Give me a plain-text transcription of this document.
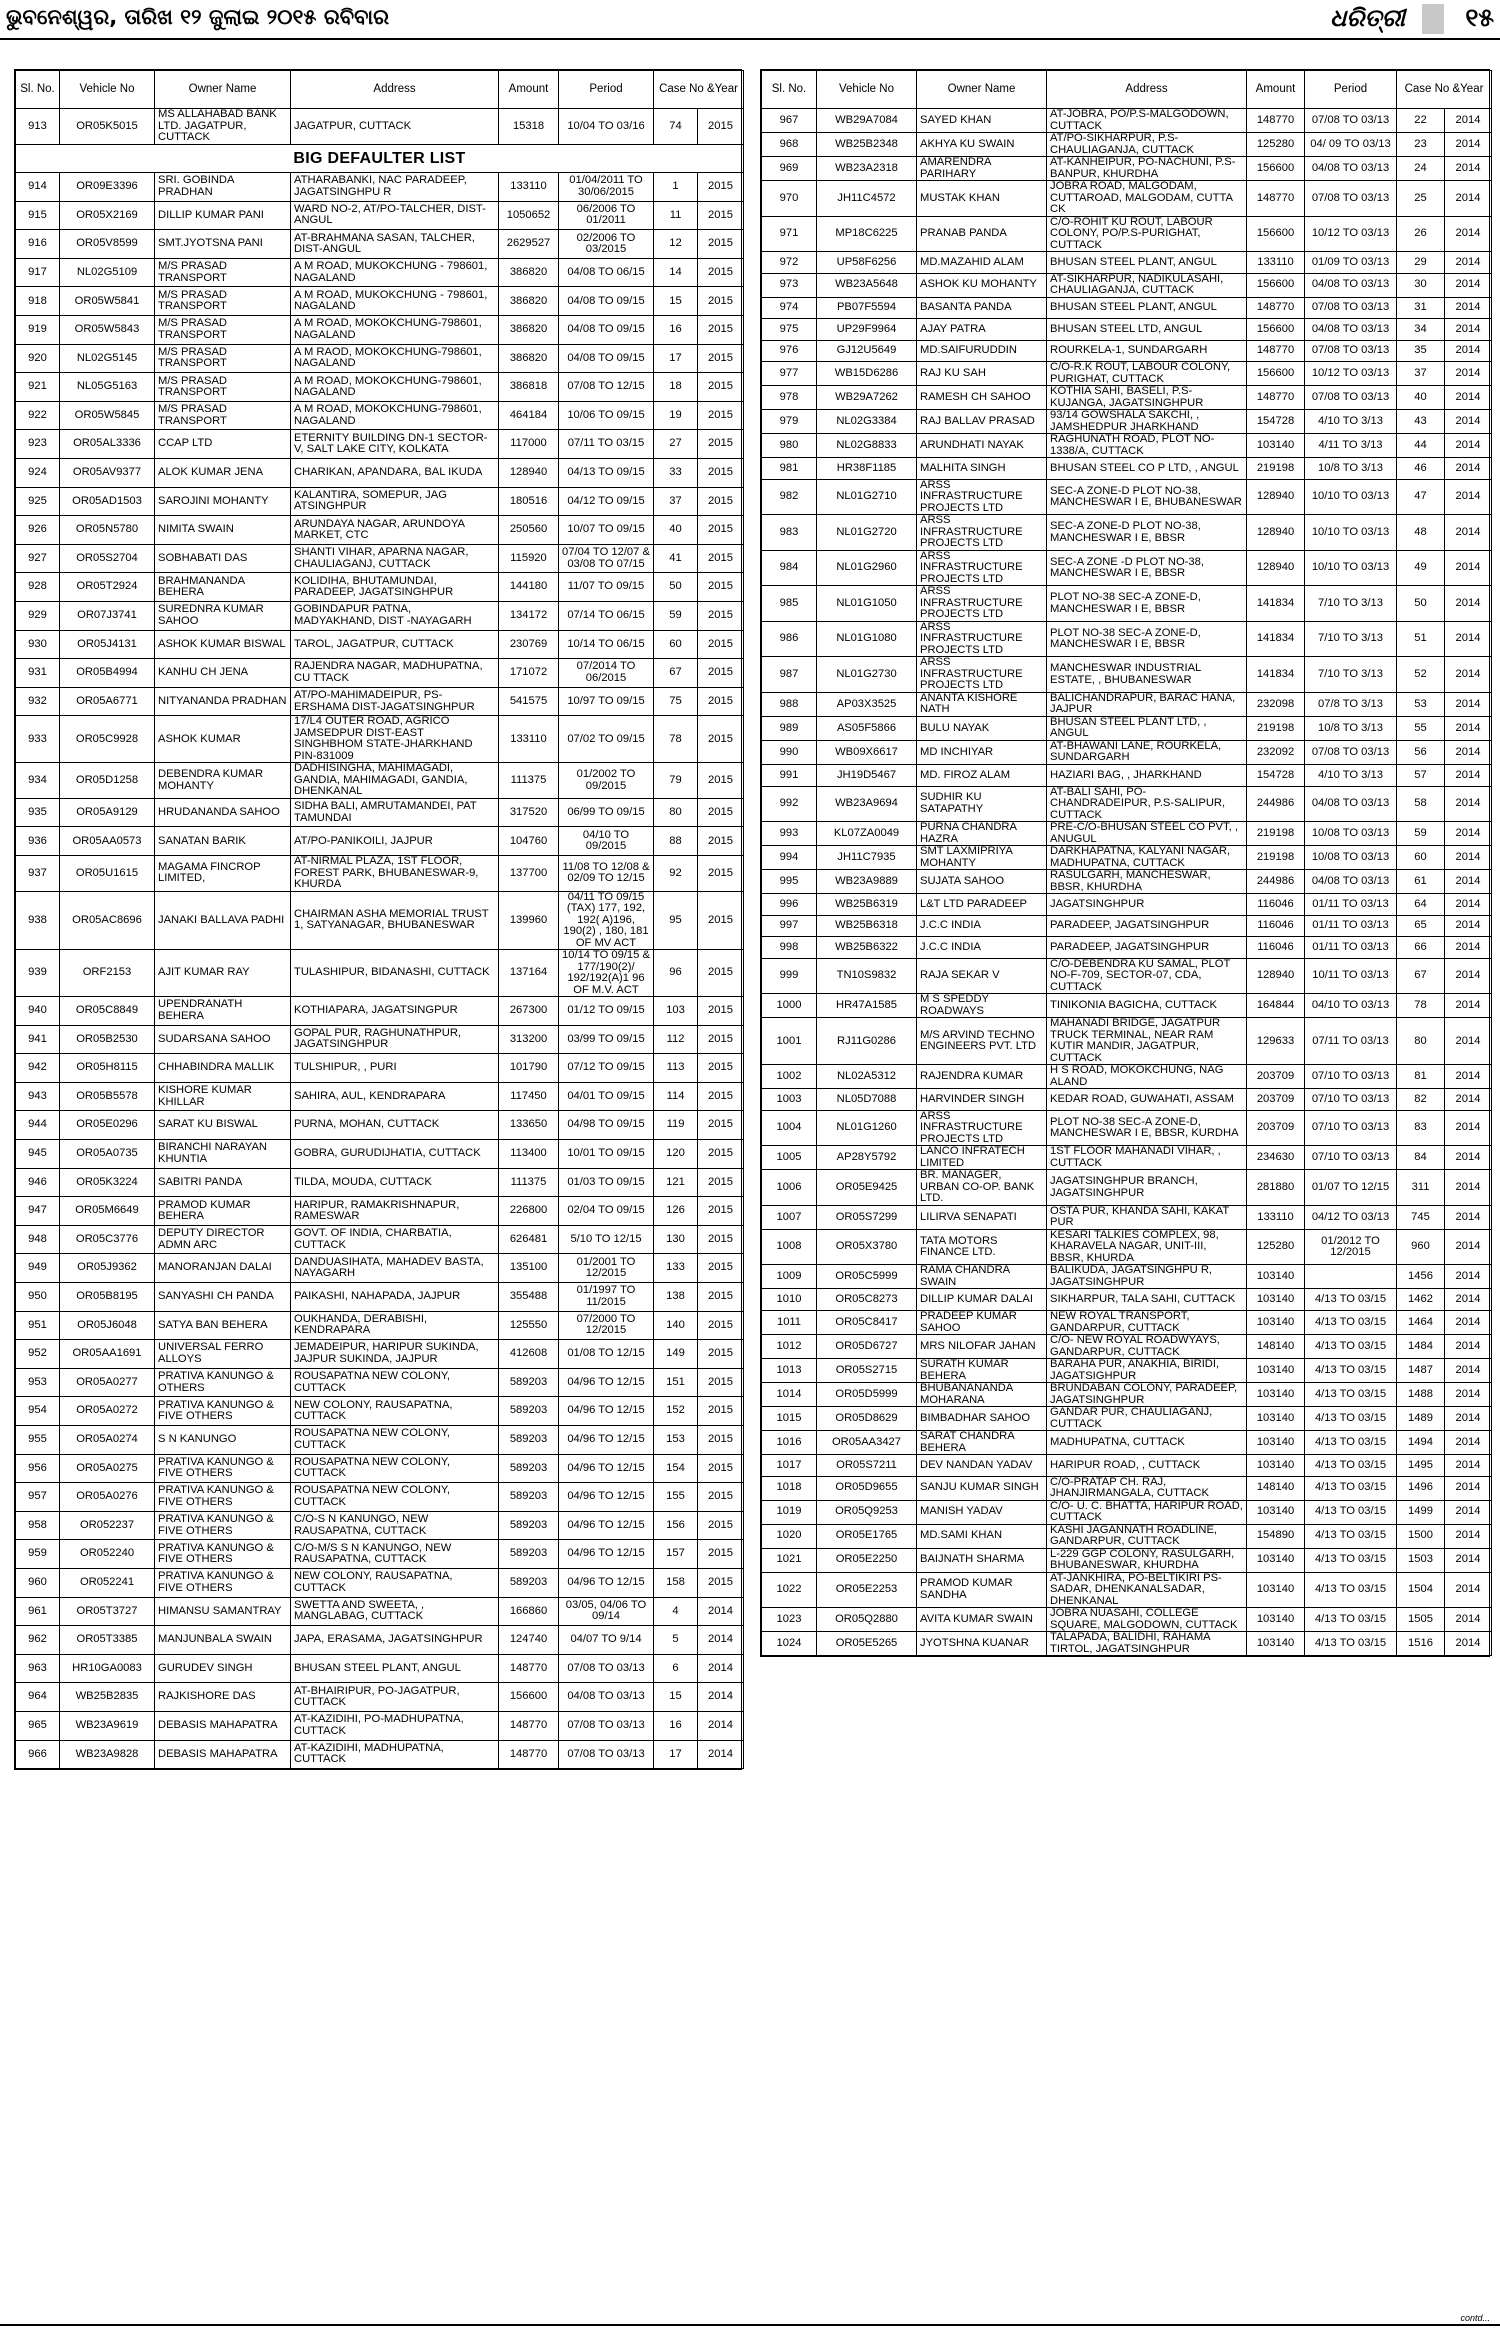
ଭୁବନେଶ୍ୱର, ତାରିଖ ୧୨ ଜୁଲାଇ ୨୦୧୫ ରବିବାର	ଧରିତ୍ରୀ ୧୫
Sl. No.	Vehicle No	Owner Name	Address	Amount	Period	Case No &Year	
913	OR05K5015	MS ALLAHABAD BANK LTD. JAGATPUR, CUTTACK	JAGATPUR, CUTTACK	15318	10/04 TO 03/16	74	2015
BIG DEFAULTER LIST							
914	OR09E3396	SRI. GOBINDA PRADHAN	ATHARABANKI, NAC PARADEEP, JAGATSINGHPU R	133110	01/04/2011 TO 30/06/2015	1	2015
915	OR05X2169	DILLIP KUMAR PANI	WARD NO-2, AT/PO-TALCHER, DIST-ANGUL	1050652	06/2006 TO 01/2011	11	2015
916	OR05V8599	SMT.JYOTSNA PANI	AT-BRAHMANA SASAN, TALCHER, DIST-ANGUL	2629527	02/2006 TO 03/2015	12	2015
917	NL02G5109	M/S PRASAD TRANSPORT	A M ROAD, MUKOKCHUNG - 798601, NAGALAND	386820	04/08 TO 06/15	14	2015
918	OR05W5841	M/S PRASAD TRANSPORT	A M ROAD, MUKOKCHUNG - 798601, NAGALAND	386820	04/08 TO 09/15	15	2015
919	OR05W5843	M/S PRASAD TRANSPORT	A M ROAD, MOKOKCHUNG-798601, NAGALAND	386820	04/08 TO 09/15	16	2015
920	NL02G5145	M/S PRASAD TRANSPORT	A M RAOD, MOKOKCHUNG-798601, NAGALAND	386820	04/08 TO 09/15	17	2015
921	NL05G5163	M/S PRASAD TRANSPORT	A M ROAD, MOKOKCHUNG-798601, NAGALAND	386818	07/08 TO 12/15	18	2015
922	OR05W5845	M/S PRASAD TRANSPORT	A M ROAD, MOKOKCHUNG-798601, NAGALAND	464184	10/06 TO 09/15	19	2015
923	OR05AL3336	CCAP LTD	ETERNITY BUILDING DN-1 SECTOR-V, SALT LAKE CITY, KOLKATA	117000	07/11 TO 03/15	27	2015
924	OR05AV9377	ALOK KUMAR JENA	CHARIKAN, APANDARA, BAL IKUDA	128940	04/13 TO 09/15	33	2015
925	OR05AD1503	SAROJINI MOHANTY	KALANTIRA, SOMEPUR, JAG ATSINGHPUR	180516	04/12 TO 09/15	37	2015
926	OR05N5780	NIMITA SWAIN	ARUNDAYA NAGAR, ARUNDOYA MARKET, CTC	250560	10/07 TO 09/15	40	2015
927	OR05S2704	SOBHABATI DAS	SHANTI VIHAR, APARNA NAGAR, CHAULIAGANJ, CUTTACK	115920	07/04 TO 12/07 & 03/08 TO 07/15	41	2015
928	OR05T2924	BRAHMANANDA BEHERA	KOLIDIHA, BHUTAMUNDAI, PARADEEP, JAGATSINGHPUR	144180	11/07 TO 09/15	50	2015
929	OR07J3741	SUREDNRA KUMAR SAHOO	GOBINDAPUR PATNA, MADYAKHAND, DIST -NAYAGARH	134172	07/14 TO 06/15	59	2015
930	OR05J4131	ASHOK KUMAR BISWAL	TAROL, JAGATPUR, CUTTACK	230769	10/14 TO 06/15	60	2015
931	OR05B4994	KANHU CH JENA	RAJENDRA NAGAR, MADHUPATNA, CU TTACK	171072	07/2014 TO 06/2015	67	2015
932	OR05A6771	NITYANANDA PRADHAN	AT/PO-MAHIMADEIPUR, PS-ERSHAMA DIST-JAGATSINGHPUR	541575	10/97 TO 09/15	75	2015
933	OR05C9928	ASHOK KUMAR	17/L4 OUTER ROAD, AGRICO JAMSEDPUR DIST-EAST SINGHBHOM STATE-JHARKHAND PIN-831009	133110	07/02 TO 09/15	78	2015
934	OR05D1258	DEBENDRA KUMAR MOHANTY	DADHISINGHA, MAHIMAGADI, GANDIA, MAHIMAGADI, GANDIA, DHENKANAL	111375	01/2002 TO 09/2015	79	2015
935	OR05A9129	HRUDANANDA SAHOO	SIDHA BALI, AMRUTAMANDEI, PAT TAMUNDAI	317520	06/99 TO 09/15	80	2015
936	OR05AA0573	SANATAN BARIK	AT/PO-PANIKOILI, JAJPUR	104760	04/10 TO 09/2015	88	2015
937	OR05U1615	MAGAMA FINCROP LIMITED,	AT-NIRMAL PLAZA, 1ST FLOOR, FOREST PARK, BHUBANESWAR-9, KHURDA	137700	11/08 TO 12/08 & 02/09 TO 12/15	92	2015
938	OR05AC8696	JANAKI BALLAVA PADHI	CHAIRMAN ASHA MEMORIAL TRUST 1, SATYANAGAR, BHUBANESWAR	139960	04/11 TO 09/15 (TAX) 177, 192, 192( A)196, 190(2) , 180, 181 OF MV ACT	95	2015
939	ORF2153	AJIT KUMAR RAY	TULASHIPUR, BIDANASHI, CUTTACK	137164	10/14 TO 09/15 & 177/190(2)/ 192/192(A)1 96 OF M.V. ACT	96	2015
940	OR05C8849	UPENDRANATH BEHERA	KOTHIAPARA, JAGATSINGPUR	267300	01/12 TO 09/15	103	2015
941	OR05B2530	SUDARSANA SAHOO	GOPAL PUR, RAGHUNATHPUR, JAGATSINGHPUR	313200	03/99 TO 09/15	112	2015
942	OR05H8115	CHHABINDRA MALLIK	TULSHIPUR, , PURI	101790	07/12 TO 09/15	113	2015
943	OR05B5578	KISHORE KUMAR KHILLAR	SAHIRA, AUL, KENDRAPARA	117450	04/01 TO 09/15	114	2015
944	OR05E0296	SARAT KU BISWAL	PURNA, MOHAN, CUTTACK	133650	04/98 TO 09/15	119	2015
945	OR05A0735	BIRANCHI NARAYAN KHUNTIA	GOBRA, GURUDIJHATIA, CUTTACK	113400	10/01 TO 09/15	120	2015
946	OR05K3224	SABITRI PANDA	TILDA, MOUDA, CUTTACK	111375	01/03 TO 09/15	121	2015
947	OR05M6649	PRAMOD KUMAR BEHERA	HARIPUR, RAMAKRISHNAPUR, RAMESWAR	226800	02/04 TO 09/15	126	2015
948	OR05C3776	DEPUTY DIRECTOR ADMN ARC	GOVT. OF INDIA, CHARBATIA, CUTTACK	626481	5/10 TO 12/15	130	2015
949	OR05J9362	MANORANJAN DALAI	DANDUASIHATA, MAHADEV BASTA, NAYAGARH	135100	01/2001 TO 12/2015	133	2015
950	OR05B8195	SANYASHI CH PANDA	PAIKASHI, NAHAPADA, JAJPUR	355488	01/1997 TO 11/2015	138	2015
951	OR05J6048	SATYA BAN BEHERA	OUKHANDA, DERABISHI, KENDRAPARA	125550	07/2000 TO 12/2015	140	2015
952	OR05AA1691	UNIVERSAL FERRO ALLOYS	JEMADEIPUR, HARIPUR SUKINDA, JAJPUR SUKINDA, JAJPUR	412608	01/08 TO 12/15	149	2015
953	OR05A0277	PRATIVA KANUNGO & OTHERS	ROUSAPATNA NEW COLONY, CUTTACK	589203	04/96 TO 12/15	151	2015
954	OR05A0272	PRATIVA KANUNGO & FIVE OTHERS	NEW COLONY, RAUSAPATNA, CUTTACK	589203	04/96 TO 12/15	152	2015
955	OR05A0274	S N KANUNGO	ROUSAPATNA NEW COLONY, CUTTACK	589203	04/96 TO 12/15	153	2015
956	OR05A0275	PRATIVA KANUNGO & FIVE OTHERS	ROUSAPATNA NEW COLONY, CUTTACK	589203	04/96 TO 12/15	154	2015
957	OR05A0276	PRATIVA KANUNGO & FIVE OTHERS	ROUSAPATNA NEW COLONY, CUTTACK	589203	04/96 TO 12/15	155	2015
958	OR052237	PRATIVA KANUNGO & FIVE OTHERS	C/O-S N KANUNGO, NEW RAUSAPATNA, CUTTACK	589203	04/96 TO 12/15	156	2015
959	OR052240	PRATIVA KANUNGO & FIVE OTHERS	C/O-M/S S N KANUNGO, NEW RAUSAPATNA, CUTTACK	589203	04/96 TO 12/15	157	2015
960	OR052241	PRATIVA KANUNGO & FIVE OTHERS	NEW COLONY, RAUSAPATNA, CUTTACK	589203	04/96 TO 12/15	158	2015
961	OR05T3727	HIMANSU SAMANTRAY	SWETTA AND SWEETA, , MANGLABAG, CUTTACK	166860	03/05, 04/06 TO 09/14	4	2014
962	OR05T3385	MANJUNBALA SWAIN	JAPA, ERASAMA, JAGATSINGHPUR	124740	04/07 TO 9/14	5	2014
963	HR10GA0083	GURUDEV SINGH	BHUSAN STEEL PLANT, ANGUL	148770	07/08 TO 03/13	6	2014
964	WB25B2835	RAJKISHORE DAS	AT-BHAIRIPUR, PO-JAGATPUR, CUTTACK	156600	04/08 TO 03/13	15	2014
965	WB23A9619	DEBASIS MAHAPATRA	AT-KAZIDIHI, PO-MADHUPATNA, CUTTACK	148770	07/08 TO 03/13	16	2014
966	WB23A9828	DEBASIS MAHAPATRA	AT-KAZIDIHI, MADHUPATNA, CUTTACK	148770	07/08 TO 03/13	17	2014
Sl. No.	Vehicle No	Owner Name	Address	Amount	Period	Case No &Year	
967	WB29A7084	SAYED KHAN	AT-JOBRA, PO/P.S-MALGODOWN, CUTTACK	148770	07/08 TO 03/13	22	2014
968	WB25B2348	AKHYA KU SWAIN	AT/PO-SIKHARPUR, P.S-CHAULIAGANJA, CUTTACK	125280	04/ 09 TO 03/13	23	2014
969	WB23A2318	AMARENDRA PARIHARY	AT-KANHEIPUR, PO-NACHUNI, P.S-BANPUR, KHURDHA	156600	04/08 TO 03/13	24	2014
970	JH11C4572	MUSTAK KHAN	JOBRA ROAD, MALGODAM, CUTTAROAD, MALGODAM, CUTTA CK	148770	07/08 TO 03/13	25	2014
971	MP18C6225	PRANAB PANDA	C/O-ROHIT KU ROUT, LABOUR COLONY, PO/P.S-PURIGHAT, CUTTACK	156600	10/12 TO 03/13	26	2014
972	UP58F6256	MD.MAZAHID ALAM	BHUSAN STEEL PLANT, ANGUL	133110	01/09 TO 03/13	29	2014
973	WB23A5648	ASHOK KU MOHANTY	AT-SIKHARPUR, NADIKULASAHI, CHAULIAGANJA, CUTTACK	156600	04/08 TO 03/13	30	2014
974	PB07F5594	BASANTA PANDA	BHUSAN STEEL PLANT, ANGUL	148770	07/08 TO 03/13	31	2014
975	UP29F9964	AJAY PATRA	BHUSAN STEEL LTD, ANGUL	156600	04/08 TO 03/13	34	2014
976	GJ12U5649	MD.SAIFURUDDIN	ROURKELA-1, SUNDARGARH	148770	07/08 TO 03/13	35	2014
977	WB15D6286	RAJ KU SAH	C/O-R.K ROUT, LABOUR COLONY, PURIGHAT, CUTTACK	156600	10/12 TO 03/13	37	2014
978	WB29A7262	RAMESH CH SAHOO	KOTHIA SAHI, BASELI, P.S-KUJANGA, JAGATSINGHPUR	148770	07/08 TO 03/13	40	2014
979	NL02G3384	RAJ BALLAV PRASAD	93/14 GOWSHALA SAKCHI, , JAMSHEDPUR JHARKHAND	154728	4/10 TO 3/13	43	2014
980	NL02G8833	ARUNDHATI NAYAK	RAGHUNATH ROAD, PLOT NO-1338/A, CUTTACK	103140	4/11 TO 3/13	44	2014
981	HR38F1185	MALHITA SINGH	BHUSAN STEEL CO P LTD, , ANGUL	219198	10/8 TO 3/13	46	2014
982	NL01G2710	ARSS INFRASTRUCTURE PROJECTS LTD	SEC-A ZONE-D PLOT NO-38, MANCHESWAR I E, BHUBANESWAR	128940	10/10 TO 03/13	47	2014
983	NL01G2720	ARSS INFRASTRUCTURE PROJECTS LTD	SEC-A ZONE-D PLOT NO-38, MANCHESWAR I E, BBSR	128940	10/10 TO 03/13	48	2014
984	NL01G2960	ARSS INFRASTRUCTURE PROJECTS LTD	SEC-A ZONE -D PLOT NO-38, MANCHESWAR I E, BBSR	128940	10/10 TO 03/13	49	2014
985	NL01G1050	ARSS INFRASTRUCTURE PROJECTS LTD	PLOT NO-38 SEC-A ZONE-D, MANCHESWAR I E, BBSR	141834	7/10 TO 3/13	50	2014
986	NL01G1080	ARSS INFRASTRUCTURE PROJECTS LTD	PLOT NO-38 SEC-A ZONE-D, MANCHESWAR I E, BBSR	141834	7/10 TO 3/13	51	2014
987	NL01G2730	ARSS INFRASTRUCTURE PROJECTS LTD	MANCHESWAR INDUSTRIAL ESTATE, , BHUBANESWAR	141834	7/10 TO 3/13	52	2014
988	AP03X3525	ANANTA KISHORE NATH	BALICHANDRAPUR, BARAC HANA, JAJPUR	232098	07/8 TO 3/13	53	2014
989	AS05F5866	BULU NAYAK	BHUSAN STEEL PLANT LTD, , ANGUL	219198	10/8 TO 3/13	55	2014
990	WB09X6617	MD INCHIYAR	AT-BHAWANI LANE, ROURKELA, SUNDARGARH	232092	07/08 TO 03/13	56	2014
991	JH19D5467	MD. FIROZ ALAM	HAZIARI BAG, , JHARKHAND	154728	4/10 TO 3/13	57	2014
992	WB23A9694	SUDHIR KU SATAPATHY	AT-BALI SAHI, PO-CHANDRADEIPUR, P.S-SALIPUR, CUTTACK	244986	04/08 TO 03/13	58	2014
993	KL07ZA0049	PURNA CHANDRA HAZRA	PRE-C/O-BHUSAN STEEL CO PVT, , ANUGUL	219198	10/08 TO 03/13	59	2014
994	JH11C7935	SMT LAXMIPRIYA MOHANTY	DARKHAPATNA, KALYANI NAGAR, MADHUPATNA, CUTTACK	219198	10/08 TO 03/13	60	2014
995	WB23A9889	SUJATA SAHOO	RASULGARH, MANCHESWAR, BBSR, KHURDHA	244986	04/08 TO 03/13	61	2014
996	WB25B6319	L&T LTD PARADEEP	JAGATSINGHPUR	116046	01/11 TO 03/13	64	2014
997	WB25B6318	J.C.C INDIA	PARADEEP, JAGATSINGHPUR	116046	01/11 TO 03/13	65	2014
998	WB25B6322	J.C.C INDIA	PARADEEP, JAGATSINGHPUR	116046	01/11 TO 03/13	66	2014
999	TN10S9832	RAJA SEKAR V	C/O-DEBENDRA KU SAMAL, PLOT NO-F-709, SECTOR-07, CDA, CUTTACK	128940	10/11 TO 03/13	67	2014
1000	HR47A1585	M S SPEDDY ROADWAYS	TINIKONIA BAGICHA, CUTTACK	164844	04/10 TO 03/13	78	2014
1001	RJ11G0286	M/S ARVIND TECHNO ENGINEERS PVT. LTD	MAHANADI BRIDGE, JAGATPUR TRUCK TERMINAL, NEAR RAM KUTIR MANDIR, JAGATPUR, CUTTACK	129633	07/11 TO 03/13	80	2014
1002	NL02A5312	RAJENDRA KUMAR	H S ROAD, MOKOKCHUNG, NAG ALAND	203709	07/10 TO 03/13	81	2014
1003	NL05D7088	HARVINDER SINGH	KEDAR ROAD, GUWAHATI, ASSAM	203709	07/10 TO 03/13	82	2014
1004	NL01G1260	ARSS INFRASTRUCTURE PROJECTS LTD	PLOT NO-38 SEC-A ZONE-D, MANCHESWAR I E, BBSR, KURDHA	203709	07/10 TO 03/13	83	2014
1005	AP28Y5792	LANCO INFRATECH LIMITED	1ST FLOOR MAHANADI VIHAR, , CUTTACK	234630	07/10 TO 03/13	84	2014
1006	OR05E9425	BR. MANAGER, URBAN CO-OP. BANK LTD.	JAGATSINGHPUR BRANCH, JAGATSINGHPUR	281880	01/07 TO 12/15	311	2014
1007	OR05S7299	LILIRVA SENAPATI	OSTA PUR, KHANDA SAHI, KAKAT PUR	133110	04/12 TO 03/13	745	2014
1008	OR05X3780	TATA MOTORS FINANCE LTD.	KESARI TALKIES COMPLEX, 98, KHARAVELA NAGAR, UNIT-III, BBSR, KHURDA	125280	01/2012 TO 12/2015	960	2014
1009	OR05C5999	RAMA CHANDRA SWAIN	BALIKUDA, JAGATSINGHPU R, JAGATSINGHPUR	103140		1456	2014
1010	OR05C8273	DILLIP KUMAR DALAI	SIKHARPUR, TALA SAHI, CUTTACK	103140	4/13 TO 03/15	1462	2014
1011	OR05C8417	PRADEEP KUMAR SAHOO	NEW ROYAL TRANSPORT, GANDARPUR, CUTTACK	103140	4/13 TO 03/15	1464	2014
1012	OR05D6727	MRS NILOFAR JAHAN	C/O- NEW ROYAL ROADWYAYS, GANDARPUR, CUTTACK	148140	4/13 TO 03/15	1484	2014
1013	OR05S2715	SURATH KUMAR BEHERA	BARAHA PUR, ANAKHIA, BIRIDI, JAGATSIGHPUR	103140	4/13 TO 03/15	1487	2014
1014	OR05D5999	BHUBANANANDA MOHARANA	BRUNDABAN COLONY, PARADEEP, JAGATSINGHPUR	103140	4/13 TO 03/15	1488	2014
1015	OR05D8629	BIMBADHAR SAHOO	GANDAR PUR, CHAULIAGANJ, CUTTACK	103140	4/13 TO 03/15	1489	2014
1016	OR05AA3427	SARAT CHANDRA BEHERA	MADHUPATNA, CUTTACK	103140	4/13 TO 03/15	1494	2014
1017	OR05S7211	DEV NANDAN YADAV	HARIPUR ROAD, , CUTTACK	103140	4/13 TO 03/15	1495	2014
1018	OR05D9655	SANJU KUMAR SINGH	C/O-PRATAP CH. RAJ, JHANJIRMANGALA, CUTTACK	148140	4/13 TO 03/15	1496	2014
1019	OR05Q9253	MANISH YADAV	C/O- U. C. BHATTA, HARIPUR ROAD, CUTTACK	103140	4/13 TO 03/15	1499	2014
1020	OR05E1765	MD.SAMI KHAN	KASHI JAGANNATH ROADLINE, GANDARPUR, CUTTACK	154890	4/13 TO 03/15	1500	2014
1021	OR05E2250	BAIJNATH SHARMA	L-229 GGP COLONY, RASULGARH, BHUBANESWAR, KHURDHA	103140	4/13 TO 03/15	1503	2014
1022	OR05E2253	PRAMOD KUMAR SANDHA	AT-JANKHIRA, PO-BELTIKIRI PS-SADAR, DHENKANALSADAR, DHENKANAL	103140	4/13 TO 03/15	1504	2014
1023	OR05Q2880	AVITA KUMAR SWAIN	JOBRA NUASAHI, COLLEGE SQUARE, MALGODOWN, CUTTACK	103140	4/13 TO 03/15	1505	2014
1024	OR05E5265	JYOTSHNA KUANAR	TALAPADA, BALIDHI, RAHAMA TIRTOL, JAGATSINGHPUR	103140	4/13 TO 03/15	1516	2014
contd...
